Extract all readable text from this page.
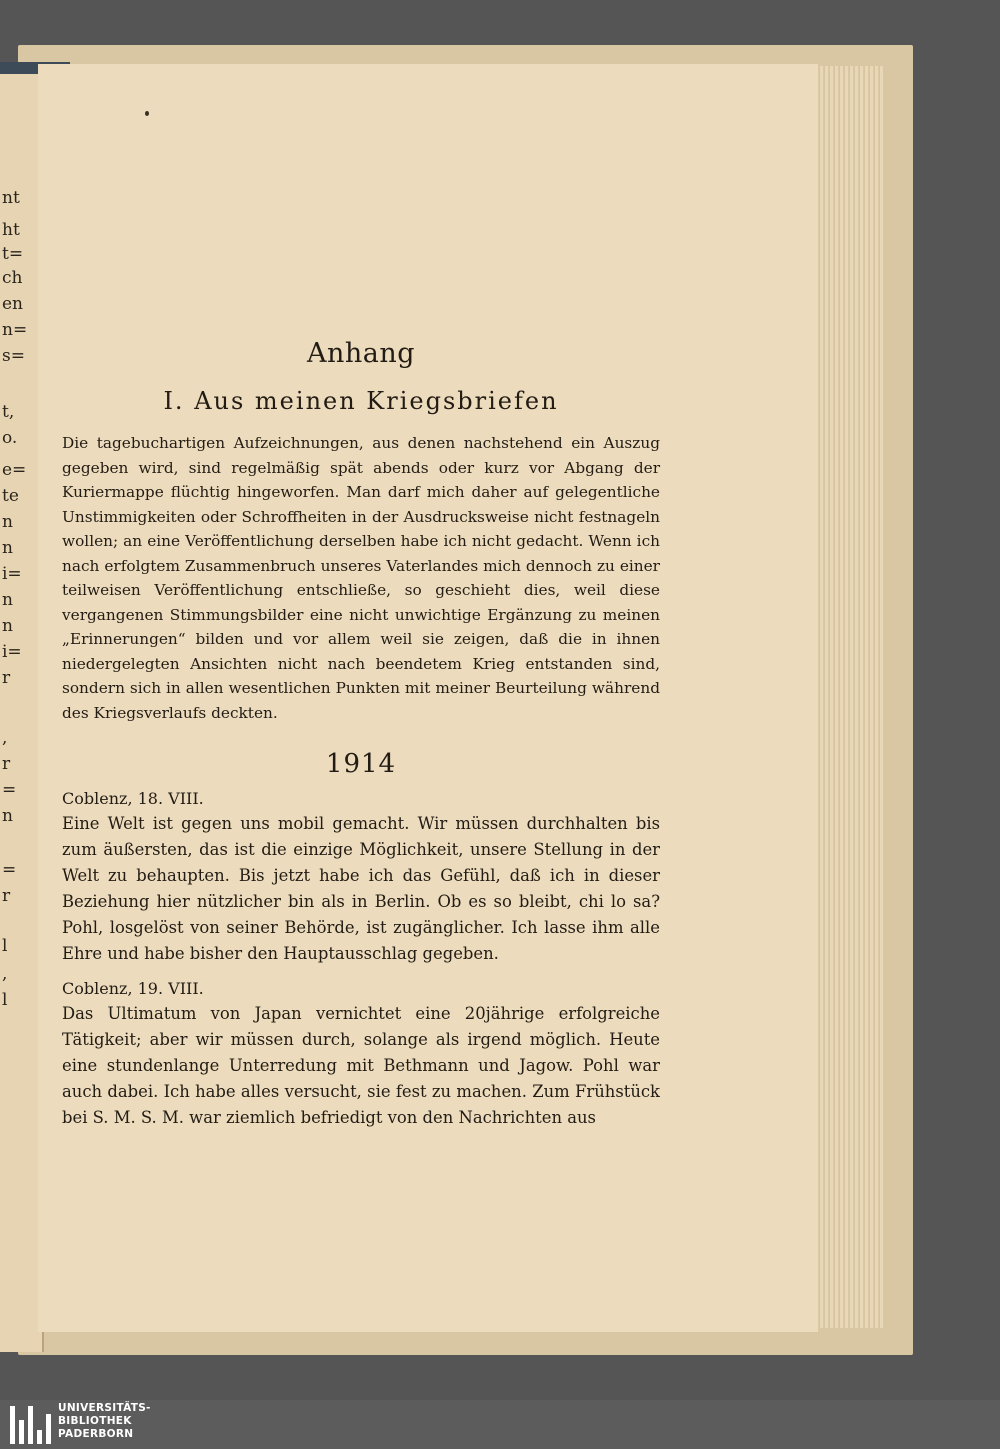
nt
ht
t=
ch
en
n=
s=
t,
o.
e=
te
n
n
i=
n
n
i=
r
,
r
=
n
=
r
l
,
l
Anhang
I. Aus meinen Kriegsbriefen

Die tagebuchartigen Aufzeichnungen, aus denen nachstehend ein Auszug gegeben wird, sind regelmäßig spät abends oder kurz vor Abgang der Kuriermappe flüchtig hingeworfen. Man darf mich daher auf gelegentliche Unstimmigkeiten oder Schroffheiten in der Ausdrucksweise nicht festnageln wollen; an eine Veröffentlichung derselben habe ich nicht gedacht. Wenn ich nach erfolgtem Zusammenbruch unseres Vaterlandes mich dennoch zu einer teilweisen Veröffentlichung entschließe, so geschieht dies, weil diese vergangenen Stimmungsbilder eine nicht unwichtige Ergänzung zu meinen „Erinnerungen“ bilden und vor allem weil sie zeigen, daß die in ihnen niedergelegten Ansichten nicht nach beendetem Krieg entstanden sind, sondern sich in allen wesentlichen Punkten mit meiner Beurteilung während des Kriegsverlaufs deckten.

1914
Coblenz, 18. VIII.

Eine Welt ist gegen uns mobil gemacht. Wir müssen durchhalten bis zum äußersten, das ist die einzige Möglichkeit, unsere Stellung in der Welt zu behaupten. Bis jetzt habe ich das Gefühl, daß ich in dieser Beziehung hier nützlicher bin als in Berlin. Ob es so bleibt, chi lo sa? Pohl, losgelöst von seiner Behörde, ist zugänglicher. Ich lasse ihm alle Ehre und habe bisher den Hauptausschlag gegeben.

Coblenz, 19. VIII.

Das Ultimatum von Japan vernichtet eine 20jährige erfolgreiche Tätigkeit; aber wir müssen durch, solange als irgend möglich. Heute eine stundenlange Unterredung mit Bethmann und Jagow. Pohl war auch dabei. Ich habe alles versucht, sie fest zu machen. Zum Frühstück bei S. M. S. M. war ziemlich befriedigt von den Nachrichten aus

UNIVERSITÄTS-
BIBLIOTHEK
PADERBORN
